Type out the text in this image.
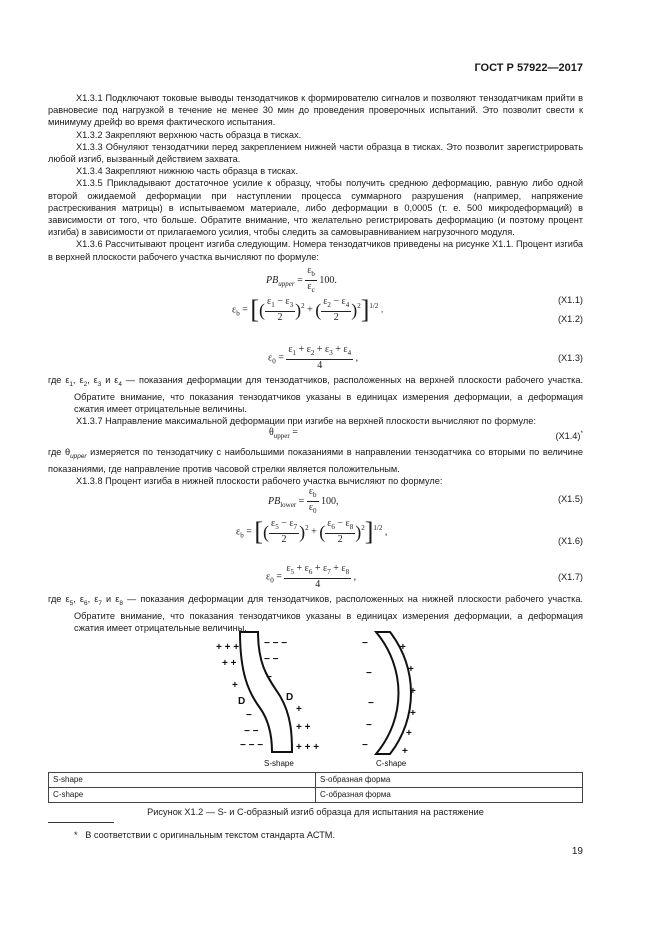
ГОСТ Р 57922—2017

X1.3.1 Подключают токовые выводы тензодатчиков к формирователю сигналов и позволяют тензодатчикам прийти в равновесие под нагрузкой в течение не менее 30 мин до проведения проверочных испытаний. Это позволит свести к минимуму дрейф во время фактического испытания.

X1.3.2 Закрепляют верхнюю часть образца в тисках.

X1.3.3 Обнуляют тензодатчики перед закреплением нижней части образца в тисках. Это позволит зарегистрировать любой изгиб, вызванный действием захвата.

X1.3.4 Закрепляют нижнюю часть образца в тисках.

X1.3.5 Прикладывают достаточное усилие к образцу, чтобы получить среднюю деформацию, равную либо одной второй ожидаемой деформации при наступлении процесса суммарного разрушения (например, напряжение растрескивания матрицы) в испытываемом материале, либо деформации в 0,0005 (т. е. 500 микродеформаций) в зависимости от того, что больше. Обратите внимание, что желательно регистрировать деформацию (и поэтому процент изгиба) в зависимости от прилагаемого усилия, чтобы следить за самовыравниванием нагрузочного модуля.

X1.3.6 Рассчитывают процент изгиба следующим. Номера тензодатчиков приведены на рисунке X1.1. Процент изгиба в верхней плоскости рабочего участка вычисляют по формуле:

$PB_{upper} = \frac{\varepsilon_b}{\varepsilon_c} 100$.
(X1.1)
$\varepsilon_b$ = [( $\frac{\varepsilon_1 - \varepsilon_3}{2} )^2$ + ( $\frac{\varepsilon_2 - \varepsilon_4}{2} )^2]^{1/2}$ .
(X1.2)
$\varepsilon_0 = \frac{\varepsilon_1 + \varepsilon_2 + \varepsilon_3 + \varepsilon_4}{4}$ ,	(X1.3)

где $\varepsilon_1$, $\varepsilon_2$, $\varepsilon_3$ и $\varepsilon_4$ — показания деформации для тензодатчиков, расположенных на верхней плоскости рабочего участка. Обратите внимание, что показания тензодатчиков указаны в единицах измерения деформации, а деформация сжатия имеет отрицательные величины.

X1.3.7 Направление максимальной деформации при изгибе на верхней плоскости вычисляют по формуле:

$\theta_{upper}$ =	(X1.4)*

где $\theta_{upper}$ измеряется по тензодатчику с наибольшими показаниями в направлении тензодатчика со вторыми по величине показаниями, где направление против часовой стрелки является положительным.

X1.3.8 Процент изгиба в нижней плоскости рабочего участка вычисляют по формуле:

$PB_{lower} = \frac{\varepsilon_b}{\varepsilon_0} 100$,	(X1.5)
$\varepsilon_b$ = [( $\frac{\varepsilon_5 - \varepsilon_7}{2} )^2$ + ( $\frac{\varepsilon_6 - \varepsilon_8}{2} )^2]^{1/2}$ ,
(X1.6)
$\varepsilon_0 = \frac{\varepsilon_5 + \varepsilon_6 + \varepsilon_7 + \varepsilon_8}{4}$ ,	(X1.7)

где $\varepsilon_5$, $\varepsilon_6$, $\varepsilon_7$ и $\varepsilon_8$ — показания деформации для тензодатчиков, расположенных на нижней плоскости рабочего участка. Обратите внимание, что показания тензодатчиков указаны в единицах измерения деформации, а деформация сжатия имеет отрицательные величины.

+ + +
+ +
+
− − −
− −
−
−
− −
− − −
+
+ +
+ + +
D	D
−
−
−
−
−
+
+
+
+
+
+
S-shape	C-shape
S-shape	S-образная форма
C-shape	C-образная форма
Рисунок X1.2 — S- и C-образный изгиб образца для испытания на растяжение
* В соответствии с оригинальным текстом стандарта АСТМ.
19
